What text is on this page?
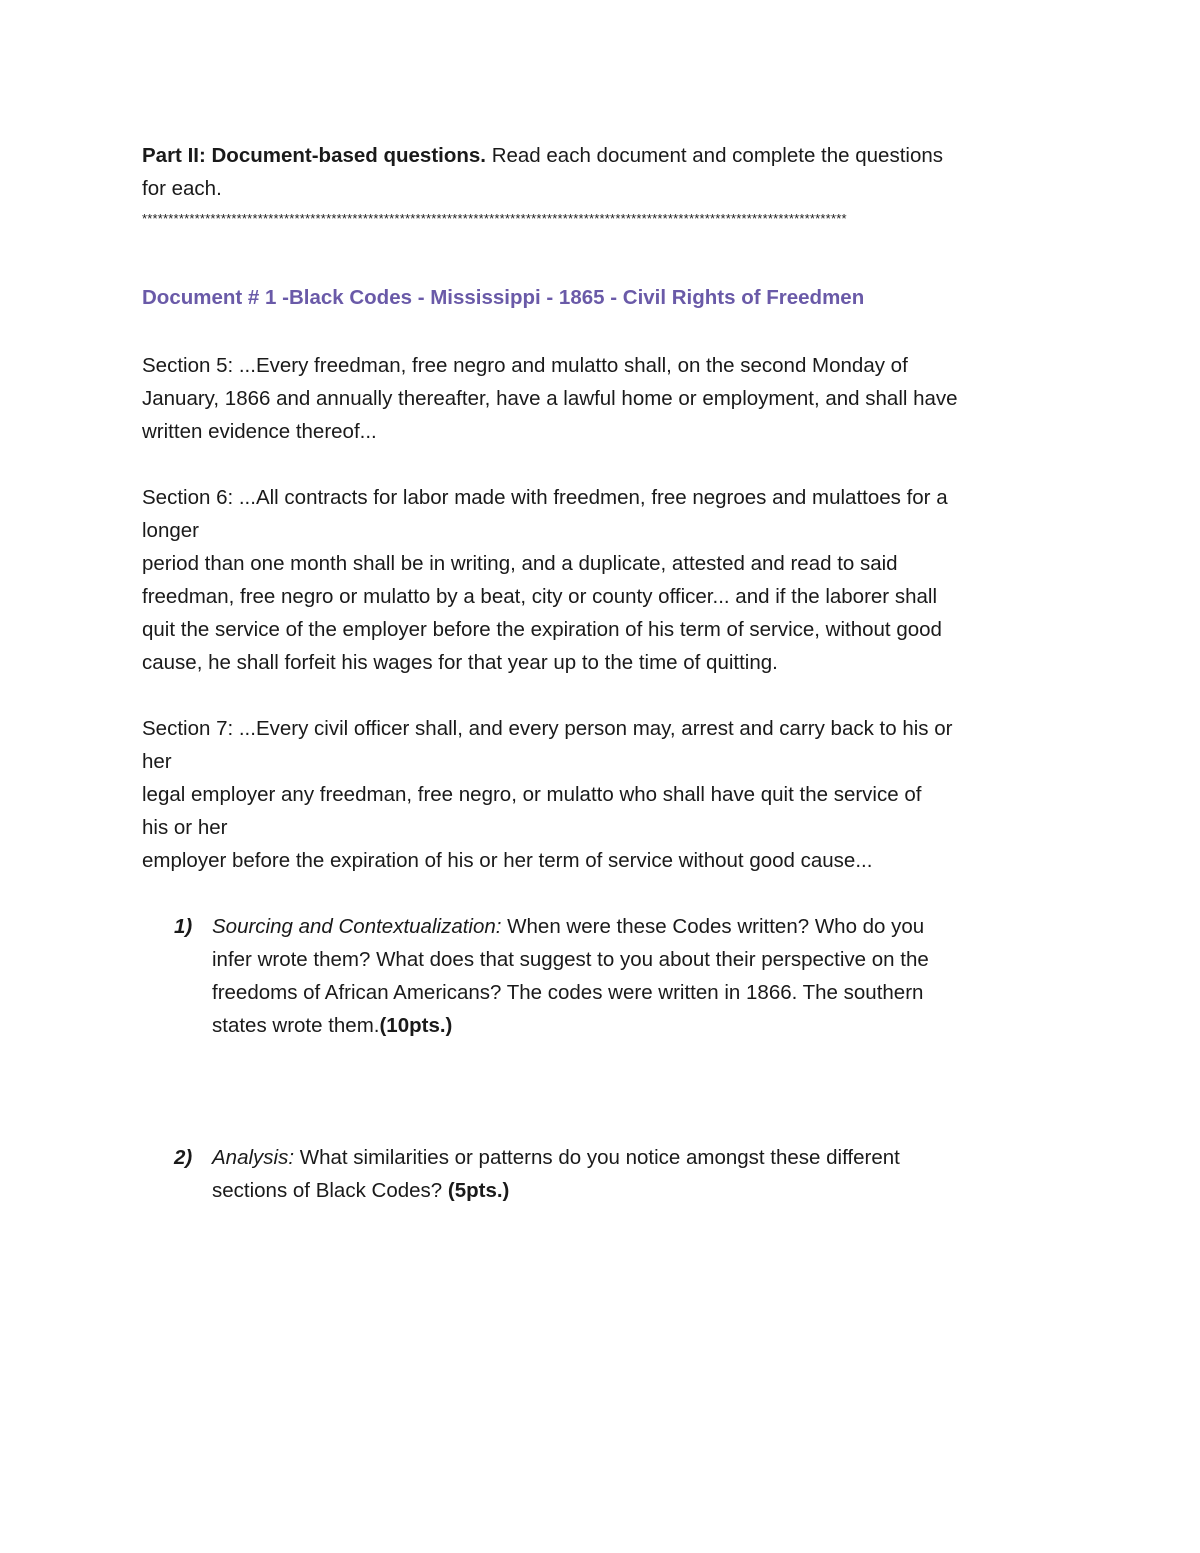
Part II: Document-based questions. Read each document and complete the questions

for each.

**************************************************************************************************************************************

Document # 1 -Black Codes - Mississippi - 1865 - Civil Rights of Freedmen

Section 5: ...Every freedman, free negro and mulatto shall, on the second Monday of

January, 1866 and annually thereafter, have a lawful home or employment, and shall have

written evidence thereof...

Section 6: ...All contracts for labor made with freedmen, free negroes and mulattoes for a

longer

period than one month shall be in writing, and a duplicate, attested and read to said

freedman, free negro or mulatto by a beat, city or county officer... and if the laborer shall

quit the service of the employer before the expiration of his term of service, without good

cause, he shall forfeit his wages for that year up to the time of quitting.

Section 7: ...Every civil officer shall, and every person may, arrest and carry back to his or

her

legal employer any freedman, free negro, or mulatto who shall have quit the service of

his or her

employer before the expiration of his or her term of service without good cause...

1) Sourcing and Contextualization: When were these Codes written? Who do you

infer wrote them? What does that suggest to you about their perspective on the

freedoms of African Americans? The codes were written in 1866. The southern

states wrote them.(10pts.)

2) Analysis: What similarities or patterns do you notice amongst these different

sections of Black Codes? (5pts.)
